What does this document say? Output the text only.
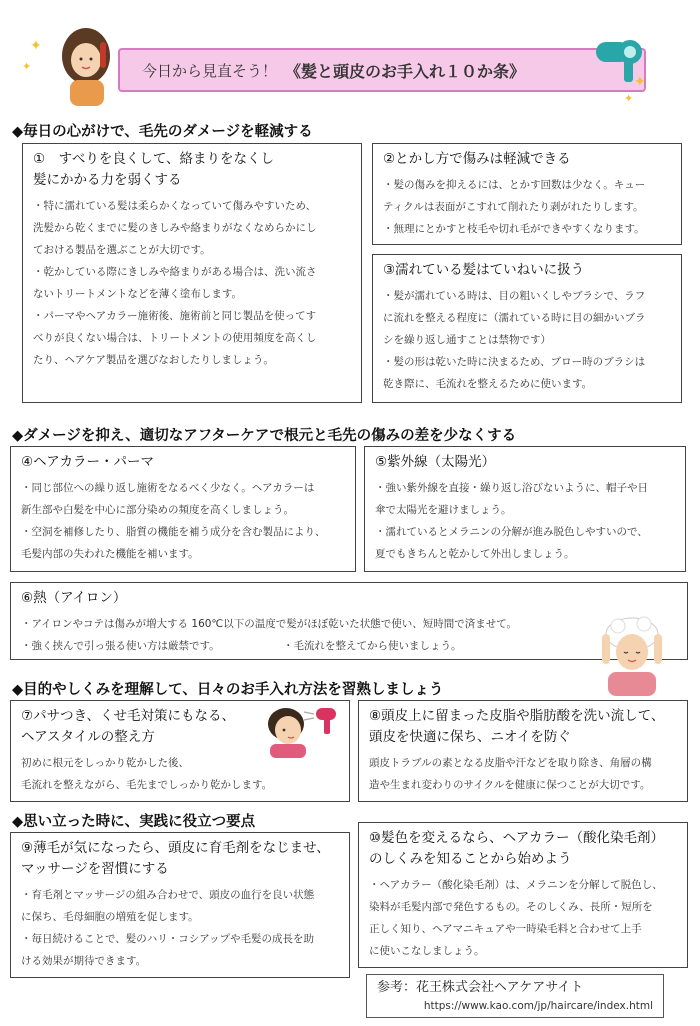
✦
✦	今日から見直そう！ 《髪と頭皮のお手入れ１０か条》
✦
✦
◆毎日の心がけで、毛先のダメージを軽減する
①　すべりを良くして、絡まりをなくし
髪にかかる力を弱くする

・特に濡れている髪は柔らかくなっていて傷みやすいため、

洗髪から乾くまでに髪のきしみや絡まりがなくなめらかにし

ておける製品を選ぶことが大切です。

・乾かしている際にきしみや絡まりがある場合は、洗い流さ

ないトリートメントなどを薄く塗布します。

・パーマやヘアカラー施術後、施術前と同じ製品を使ってす

べりが良くない場合は、トリートメントの使用頻度を高くし

たり、ヘアケア製品を選びなおしたりしましょう。

②とかし方で傷みは軽減できる

・髪の傷みを抑えるには、とかす回数は少なく。キュー

ティクルは表面がこすれて削れたり剥がれたりします。

・無理にとかすと枝毛や切れ毛ができやすくなります。

③濡れている髪はていねいに扱う

・髪が濡れている時は、目の粗いくしやブラシで、ラフ

に流れを整える程度に（濡れている時に目の細かいブラ

シを繰り返し通すことは禁物です）

・髪の形は乾いた時に決まるため、ブロー時のブラシは

乾き際に、毛流れを整えるために使います。

◆ダメージを抑え、適切なアフターケアで根元と毛先の傷みの差を少なくする
④ヘアカラー・パーマ

・同じ部位への繰り返し施術をなるべく少なく。ヘアカラーは

新生部や白髪を中心に部分染めの頻度を高くしましょう。

・空洞を補修したり、脂質の機能を補う成分を含む製品により、

毛髪内部の失われた機能を補います。

⑤紫外線（太陽光）

・強い紫外線を直接・繰り返し浴びないように、帽子や日

傘で太陽光を避けましょう。

・濡れているとメラニンの分解が進み脱色しやすいので、

夏でもきちんと乾かして外出しましょう。

⑥熱（アイロン）

・アイロンやコテは傷みが増大する 160℃以下の温度で髪がほぼ乾いた状態で使い、短時間で済ませて。

・強く挟んで引っ張る使い方は厳禁です。	・毛流れを整えてから使いましょう。

◆目的やしくみを理解して、日々のお手入れ方法を習熟しましょう
⑦パサつき、くせ毛対策にもなる、
ヘアスタイルの整え方

初めに根元をしっかり乾かした後、

毛流れを整えながら、毛先までしっかり乾かします。

⑧頭皮上に留まった皮脂や脂肪酸を洗い流して、
頭皮を快適に保ち、ニオイを防ぐ

頭皮トラブルの素となる皮脂や汗などを取り除き、角層の構

造や生まれ変わりのサイクルを健康に保つことが大切です。

◆思い立った時に、実践に役立つ要点
⑨薄毛が気になったら、頭皮に育毛剤をなじませ、
マッサージを習慣にする

・育毛剤とマッサージの組み合わせで、頭皮の血行を良い状態

に保ち、毛母細胞の増殖を促します。

・毎日続けることで、髪のハリ・コシアップや毛髪の成長を助

ける効果が期待できます。

⑩髪色を変えるなら、ヘアカラー（酸化染毛剤）
のしくみを知ることから始めよう

・ヘアカラー（酸化染毛剤）は、メラニンを分解して脱色し、

染料が毛髪内部で発色するもの。そのしくみ、長所・短所を

正しく知り、ヘアマニキュアや一時染毛料と合わせて上手

に使いこなしましょう。

参考：花王株式会社ヘアケアサイト
https://www.kao.com/jp/haircare/index.html
